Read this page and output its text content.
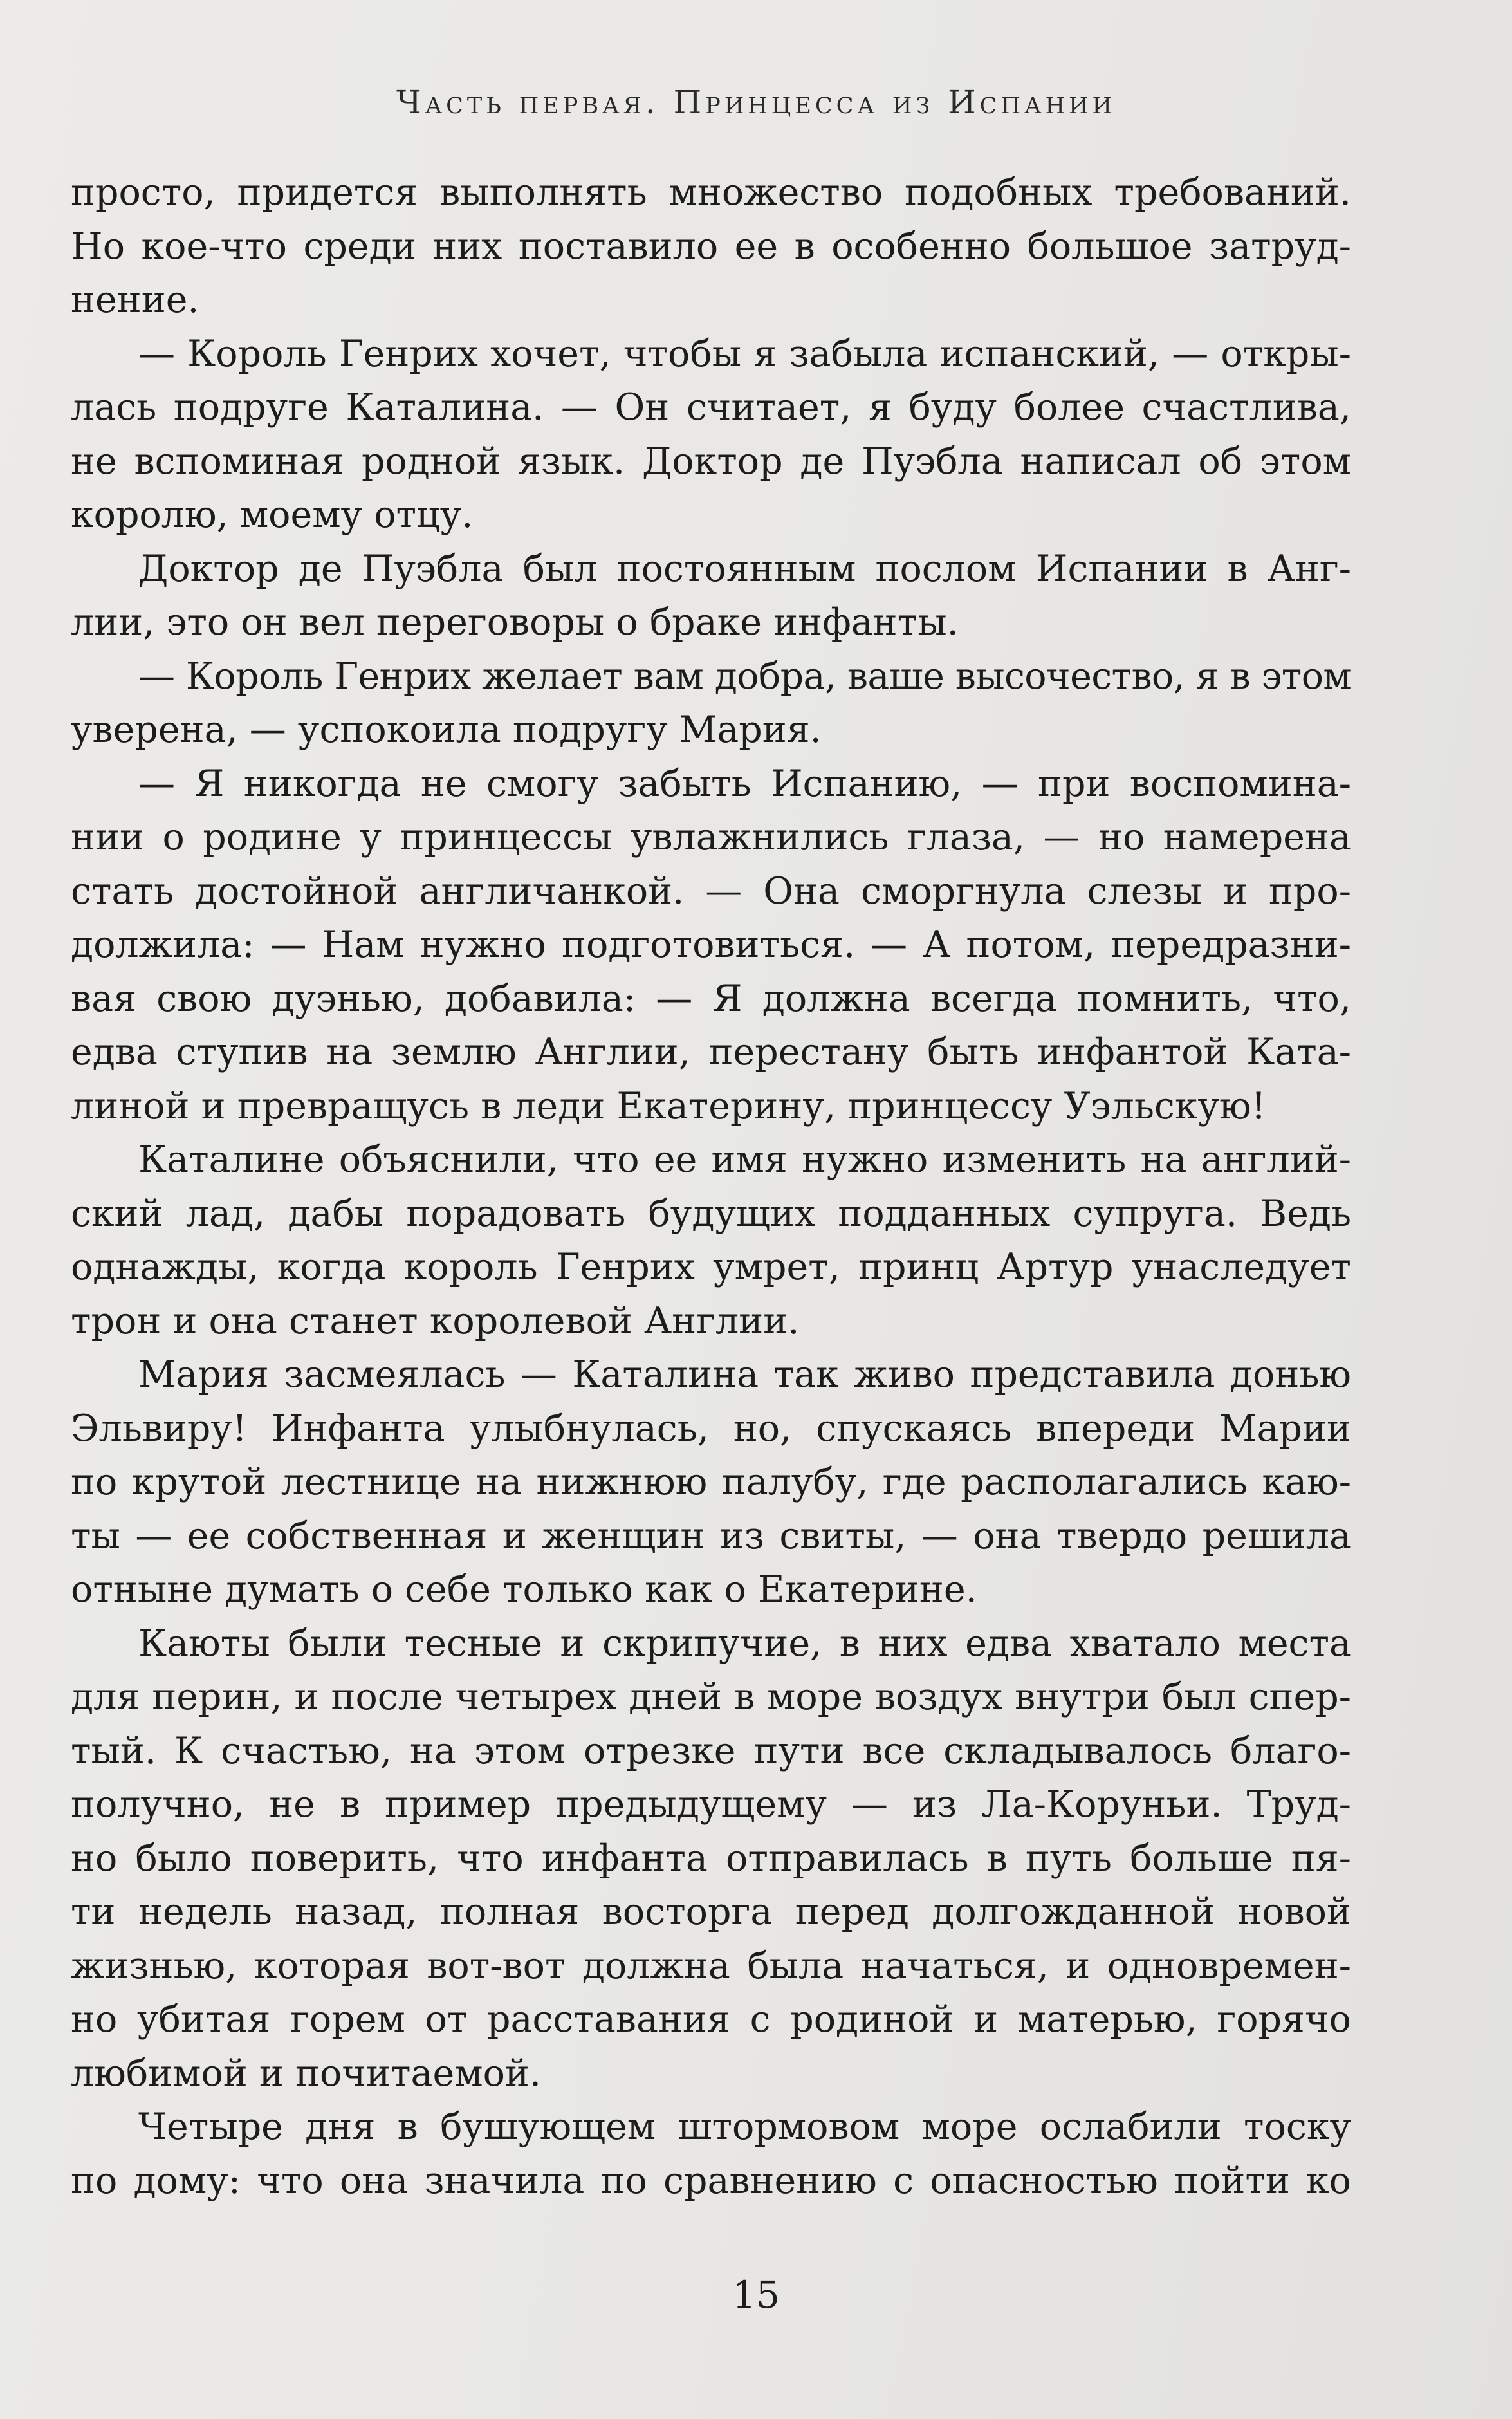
Часть первая. Принцесса из Испании
просто, придется выполнять множество подобных требований.
Но кое-что среди них поставило ее в особенно большое затруд-
нение.
— Король Генрих хочет, чтобы я забыла испанский, — откры-
лась подруге Каталина. — Он считает, я буду более счастлива,
не вспоминая родной язык. Доктор де Пуэбла написал об этом
королю, моему отцу.
Доктор де Пуэбла был постоянным послом Испании в Анг-
лии, это он вел переговоры о браке инфанты.
— Король Генрих желает вам добра, ваше высочество, я в этом
уверена, — успокоила подругу Мария.
— Я никогда не смогу забыть Испанию, — при воспомина-
нии о родине у принцессы увлажнились глаза, — но намерена
стать достойной англичанкой. — Она сморгнула слезы и про-
должила: — Нам нужно подготовиться. — А потом, передразни-
вая свою дуэнью, добавила: — Я должна всегда помнить, что,
едва ступив на землю Англии, перестану быть инфантой Ката-
линой и превращусь в леди Екатерину, принцессу Уэльскую!
Каталине объяснили, что ее имя нужно изменить на англий-
ский лад, дабы порадовать будущих подданных супруга. Ведь
однажды, когда король Генрих умрет, принц Артур унаследует
трон и она станет королевой Англии.
Мария засмеялась — Каталина так живо представила донью
Эльвиру! Инфанта улыбнулась, но, спускаясь впереди Марии
по крутой лестнице на нижнюю палубу, где располагались каю-
ты — ее собственная и женщин из свиты, — она твердо решила
отныне думать о себе только как о Екатерине.
Каюты были тесные и скрипучие, в них едва хватало места
для перин, и после четырех дней в море воздух внутри был спер-
тый. К счастью, на этом отрезке пути все складывалось благо-
получно, не в пример предыдущему — из Ла-Коруньи. Труд-
но было поверить, что инфанта отправилась в путь больше пя-
ти недель назад, полная восторга перед долгожданной новой
жизнью, которая вот-вот должна была начаться, и одновремен-
но убитая горем от расставания с родиной и матерью, горячо
любимой и почитаемой.
Четыре дня в бушующем штормовом море ослабили тоску
по дому: что она значила по сравнению с опасностью пойти ко
15
